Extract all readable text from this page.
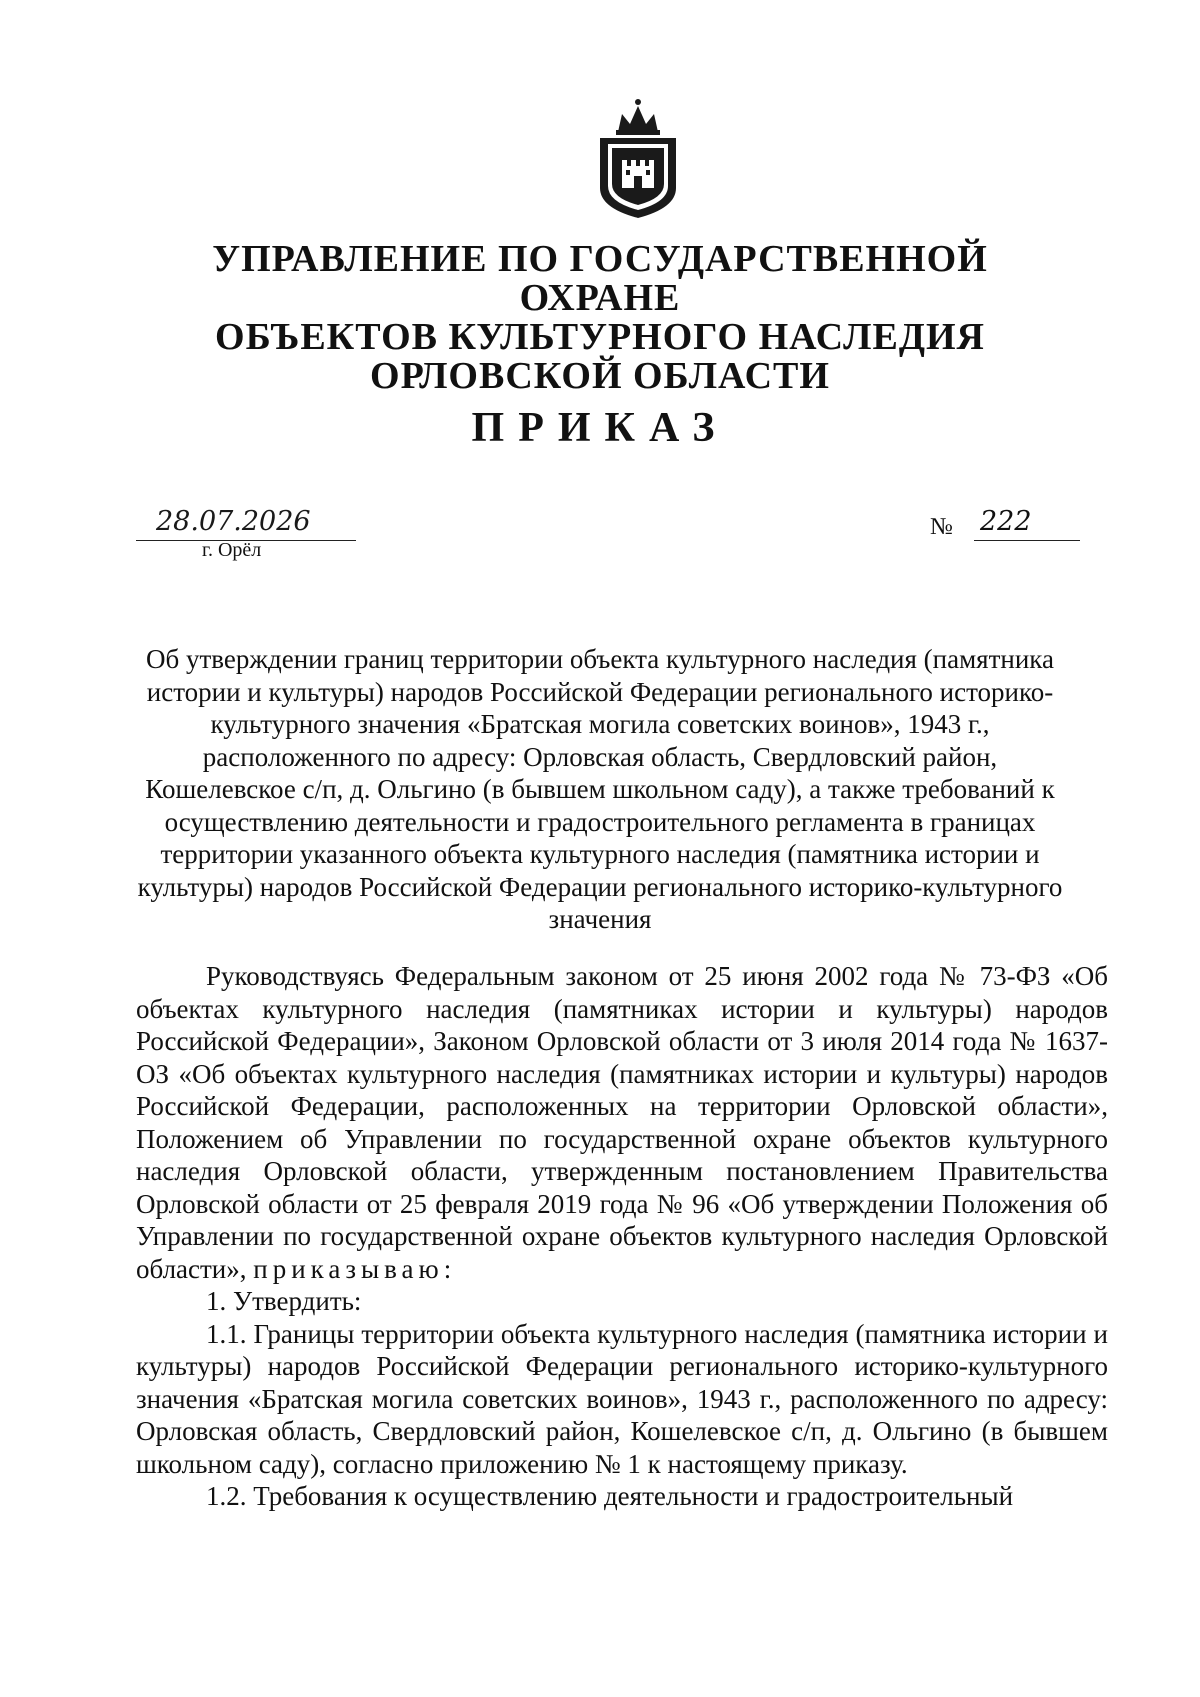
УПРАВЛЕНИЕ ПО ГОСУДАРСТВЕННОЙ ОХРАНЕ
ОБЪЕКТОВ КУЛЬТУРНОГО НАСЛЕДИЯ
ОРЛОВСКОЙ ОБЛАСТИ
ПРИКАЗ
28.07.2026
г. Орёл
№ 222
Об утверждении границ территории объекта культурного наследия (памятника истории и культуры) народов Российской Федерации регионального историко-культурного значения «Братская могила советских воинов», 1943 г., расположенного по адресу: Орловская область, Свердловский район, Кошелевское с/п, д. Ольгино (в бывшем школьном саду), а также требований к осуществлению деятельности и градостроительного регламента в границах территории указанного объекта культурного наследия (памятника истории и культуры) народов Российской Федерации регионального историко-культурного значения

Руководствуясь Федеральным законом от 25 июня 2002 года № 73-ФЗ «Об объектах культурного наследия (памятниках истории и культуры) народов Российской Федерации», Законом Орловской области от 3 июля 2014 года № 1637-ОЗ «Об объектах культурного наследия (памятниках истории и культуры) народов Российской Федерации, расположенных на территории Орловской области», Положением об Управлении по государственной охране объектов культурного наследия Орловской области, утвержденным постановлением Правительства Орловской области от 25 февраля 2019 года № 96 «Об утверждении Положения об Управлении по государственной охране объектов культурного наследия Орловской области», приказываю:

1. Утвердить:

1.1. Границы территории объекта культурного наследия (памятника истории и культуры) народов Российской Федерации регионального историко-культурного значения «Братская могила советских воинов», 1943 г., расположенного по адресу: Орловская область, Свердловский район, Кошелевское с/п, д. Ольгино (в бывшем школьном саду), согласно приложению № 1 к настоящему приказу.

1.2. Требования к осуществлению деятельности и градостроительный
